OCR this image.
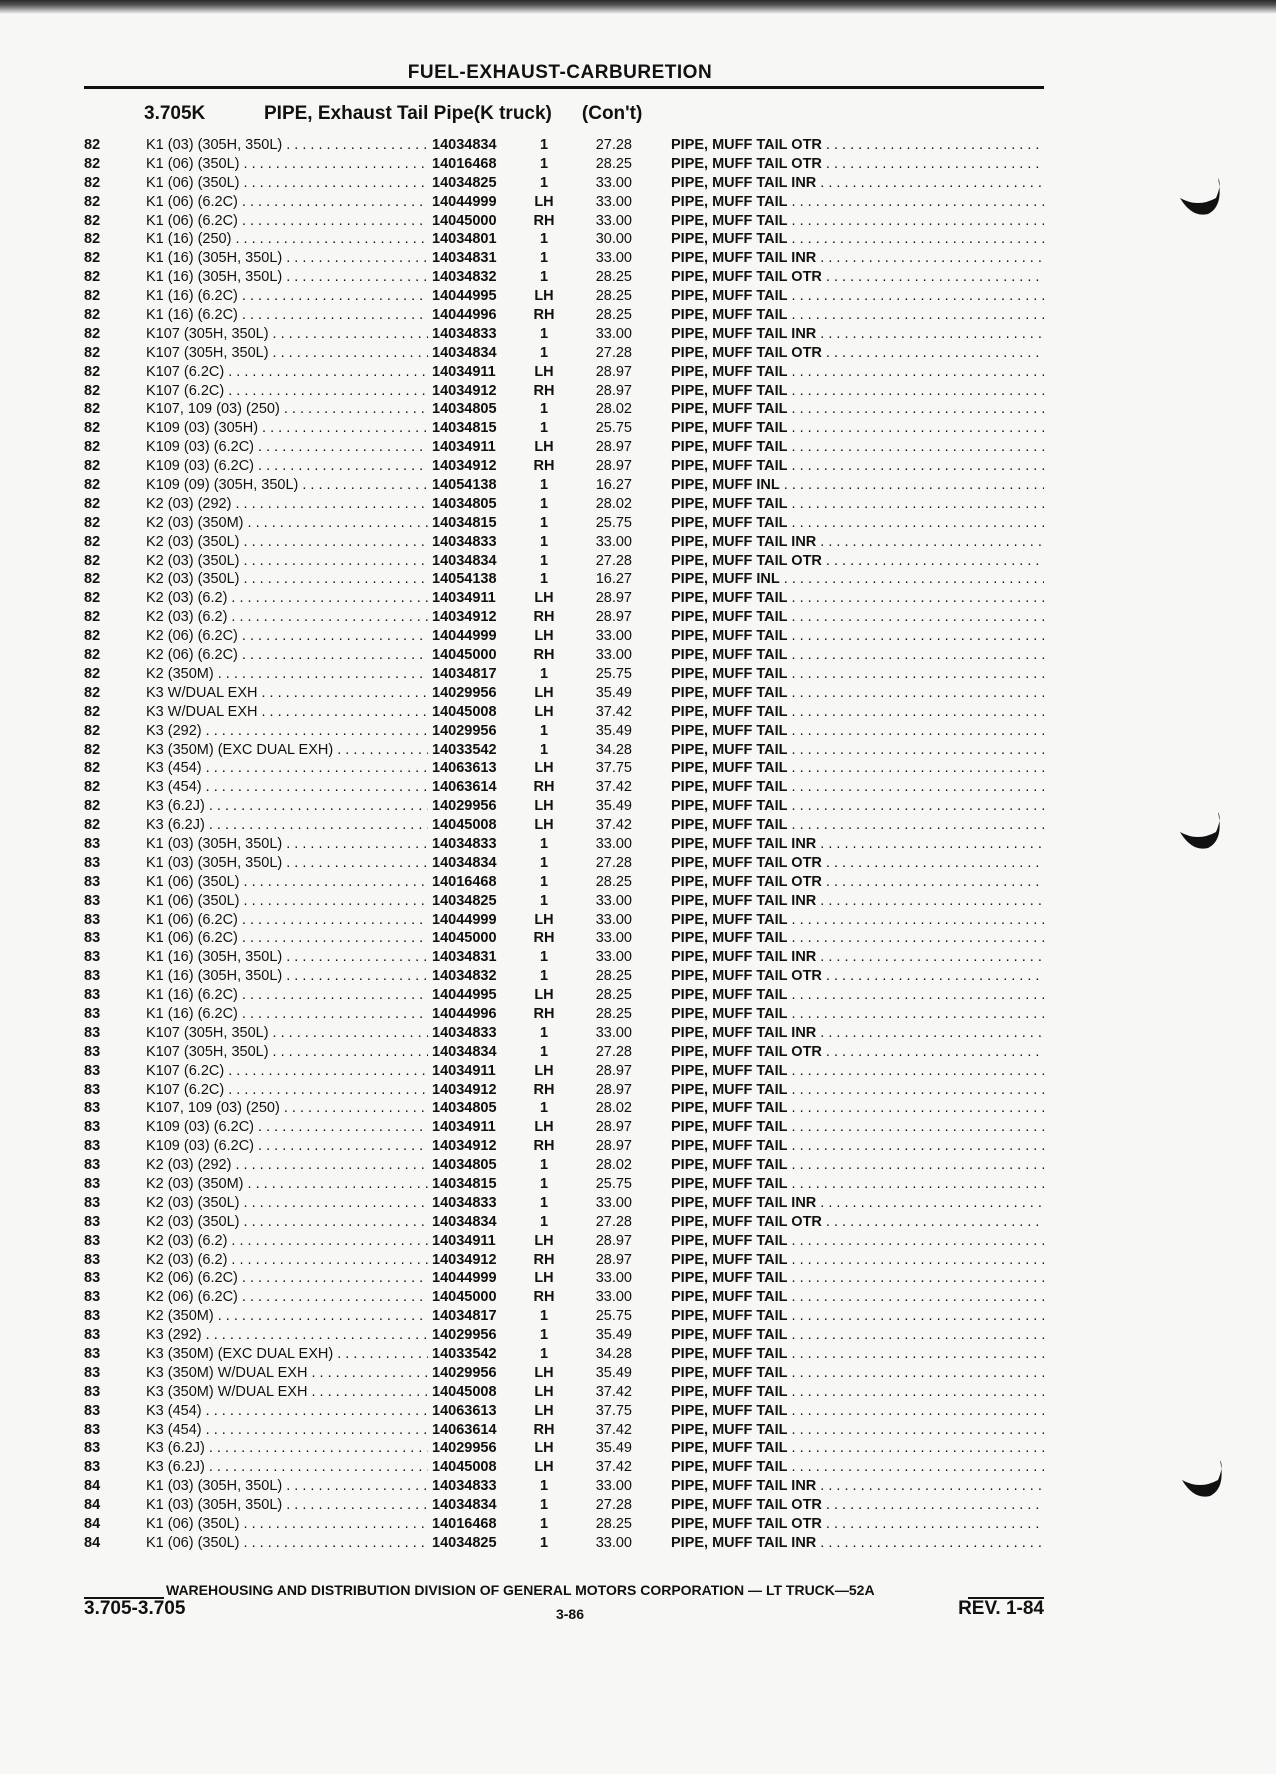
FUEL-EXHAUST-CARBURETION
3.705K	PIPE, Exhaust Tail Pipe(K truck) (Con't)
82	K1 (03) (305H, 350L) . . .	14034834	1	27.28	PIPE, MUFF TAIL OTR . . .
82	K1 (06) (350L) . . .	14016468	1	28.25	PIPE, MUFF TAIL OTR . . .
82	K1 (06) (350L) . . .	14034825	1	33.00	PIPE, MUFF TAIL INR . . .
82	K1 (06) (6.2C) . . .	14044999	LH	33.00	PIPE, MUFF TAIL . . .
82	K1 (06) (6.2C) . . .	14045000	RH	33.00	PIPE, MUFF TAIL . . .
82	K1 (16) (250) . . .	14034801	1	30.00	PIPE, MUFF TAIL . . .
82	K1 (16) (305H, 350L) . . .	14034831	1	33.00	PIPE, MUFF TAIL INR . . .
82	K1 (16) (305H, 350L) . . .	14034832	1	28.25	PIPE, MUFF TAIL OTR . . .
82	K1 (16) (6.2C) . . .	14044995	LH	28.25	PIPE, MUFF TAIL . . .
82	K1 (16) (6.2C) . . .	14044996	RH	28.25	PIPE, MUFF TAIL . . .
82	K107 (305H, 350L) . . .	14034833	1	33.00	PIPE, MUFF TAIL INR . . .
82	K107 (305H, 350L) . . .	14034834	1	27.28	PIPE, MUFF TAIL OTR . . .
82	K107 (6.2C) . . .	14034911	LH	28.97	PIPE, MUFF TAIL . . .
82	K107 (6.2C) . . .	14034912	RH	28.97	PIPE, MUFF TAIL . . .
82	K107, 109 (03) (250) . . .	14034805	1	28.02	PIPE, MUFF TAIL . . .
82	K109 (03) (305H) . . .	14034815	1	25.75	PIPE, MUFF TAIL . . .
82	K109 (03) (6.2C) . . .	14034911	LH	28.97	PIPE, MUFF TAIL . . .
82	K109 (03) (6.2C) . . .	14034912	RH	28.97	PIPE, MUFF TAIL . . .
82	K109 (09) (305H, 350L) . . .	14054138	1	16.27	PIPE, MUFF INL . . .
82	K2 (03) (292) . . .	14034805	1	28.02	PIPE, MUFF TAIL . . .
82	K2 (03) (350M) . . .	14034815	1	25.75	PIPE, MUFF TAIL . . .
82	K2 (03) (350L) . . .	14034833	1	33.00	PIPE, MUFF TAIL INR . . .
82	K2 (03) (350L) . . .	14034834	1	27.28	PIPE, MUFF TAIL OTR . . .
82	K2 (03) (350L) . . .	14054138	1	16.27	PIPE, MUFF INL . . .
82	K2 (03) (6.2) . . .	14034911	LH	28.97	PIPE, MUFF TAIL . . .
82	K2 (03) (6.2) . . .	14034912	RH	28.97	PIPE, MUFF TAIL . . .
82	K2 (06) (6.2C) . . .	14044999	LH	33.00	PIPE, MUFF TAIL . . .
82	K2 (06) (6.2C) . . .	14045000	RH	33.00	PIPE, MUFF TAIL . . .
82	K2 (350M) . . .	14034817	1	25.75	PIPE, MUFF TAIL . . .
82	K3 W/DUAL EXH . . .	14029956	LH	35.49	PIPE, MUFF TAIL . . .
82	K3 W/DUAL EXH . . .	14045008	LH	37.42	PIPE, MUFF TAIL . . .
82	K3 (292) . . .	14029956	1	35.49	PIPE, MUFF TAIL . . .
82	K3 (350M) (EXC DUAL EXH) . . .	14033542	1	34.28	PIPE, MUFF TAIL . . .
82	K3 (454) . . .	14063613	LH	37.75	PIPE, MUFF TAIL . . .
82	K3 (454) . . .	14063614	RH	37.42	PIPE, MUFF TAIL . . .
82	K3 (6.2J) . . .	14029956	LH	35.49	PIPE, MUFF TAIL . . .
82	K3 (6.2J) . . .	14045008	LH	37.42	PIPE, MUFF TAIL . . .
83	K1 (03) (305H, 350L) . . .	14034833	1	33.00	PIPE, MUFF TAIL INR . . .
83	K1 (03) (305H, 350L) . . .	14034834	1	27.28	PIPE, MUFF TAIL OTR . . .
83	K1 (06) (350L) . . .	14016468	1	28.25	PIPE, MUFF TAIL OTR . . .
83	K1 (06) (350L) . . .	14034825	1	33.00	PIPE, MUFF TAIL INR . . .
83	K1 (06) (6.2C) . . .	14044999	LH	33.00	PIPE, MUFF TAIL . . .
83	K1 (06) (6.2C) . . .	14045000	RH	33.00	PIPE, MUFF TAIL . . .
83	K1 (16) (305H, 350L) . . .	14034831	1	33.00	PIPE, MUFF TAIL INR . . .
83	K1 (16) (305H, 350L) . . .	14034832	1	28.25	PIPE, MUFF TAIL OTR . . .
83	K1 (16) (6.2C) . . .	14044995	LH	28.25	PIPE, MUFF TAIL . . .
83	K1 (16) (6.2C) . . .	14044996	RH	28.25	PIPE, MUFF TAIL . . .
83	K107 (305H, 350L) . . .	14034833	1	33.00	PIPE, MUFF TAIL INR . . .
83	K107 (305H, 350L) . . .	14034834	1	27.28	PIPE, MUFF TAIL OTR . . .
83	K107 (6.2C) . . .	14034911	LH	28.97	PIPE, MUFF TAIL . . .
83	K107 (6.2C) . . .	14034912	RH	28.97	PIPE, MUFF TAIL . . .
83	K107, 109 (03) (250) . . .	14034805	1	28.02	PIPE, MUFF TAIL . . .
83	K109 (03) (6.2C) . . .	14034911	LH	28.97	PIPE, MUFF TAIL . . .
83	K109 (03) (6.2C) . . .	14034912	RH	28.97	PIPE, MUFF TAIL . . .
83	K2 (03) (292) . . .	14034805	1	28.02	PIPE, MUFF TAIL . . .
83	K2 (03) (350M) . . .	14034815	1	25.75	PIPE, MUFF TAIL . . .
83	K2 (03) (350L) . . .	14034833	1	33.00	PIPE, MUFF TAIL INR . . .
83	K2 (03) (350L) . . .	14034834	1	27.28	PIPE, MUFF TAIL OTR . . .
83	K2 (03) (6.2) . . .	14034911	LH	28.97	PIPE, MUFF TAIL . . .
83	K2 (03) (6.2) . . .	14034912	RH	28.97	PIPE, MUFF TAIL . . .
83	K2 (06) (6.2C) . . .	14044999	LH	33.00	PIPE, MUFF TAIL . . .
83	K2 (06) (6.2C) . . .	14045000	RH	33.00	PIPE, MUFF TAIL . . .
83	K2 (350M) . . .	14034817	1	25.75	PIPE, MUFF TAIL . . .
83	K3 (292) . . .	14029956	1	35.49	PIPE, MUFF TAIL . . .
83	K3 (350M) (EXC DUAL EXH) . . .	14033542	1	34.28	PIPE, MUFF TAIL . . .
83	K3 (350M) W/DUAL EXH . . .	14029956	LH	35.49	PIPE, MUFF TAIL . . .
83	K3 (350M) W/DUAL EXH . . .	14045008	LH	37.42	PIPE, MUFF TAIL . . .
83	K3 (454) . . .	14063613	LH	37.75	PIPE, MUFF TAIL . . .
83	K3 (454) . . .	14063614	RH	37.42	PIPE, MUFF TAIL . . .
83	K3 (6.2J) . . .	14029956	LH	35.49	PIPE, MUFF TAIL . . .
83	K3 (6.2J) . . .	14045008	LH	37.42	PIPE, MUFF TAIL . . .
84	K1 (03) (305H, 350L) . . .	14034833	1	33.00	PIPE, MUFF TAIL INR . . .
84	K1 (03) (305H, 350L) . . .	14034834	1	27.28	PIPE, MUFF TAIL OTR . . .
84	K1 (06) (350L) . . .	14016468	1	28.25	PIPE, MUFF TAIL OTR . . .
84	K1 (06) (350L) . . .	14034825	1	33.00	PIPE, MUFF TAIL INR . . .
WAREHOUSING AND DISTRIBUTION DIVISION OF GENERAL MOTORS CORPORATION — LT TRUCK—52A
3.705-3.705	3-86	REV. 1-84
